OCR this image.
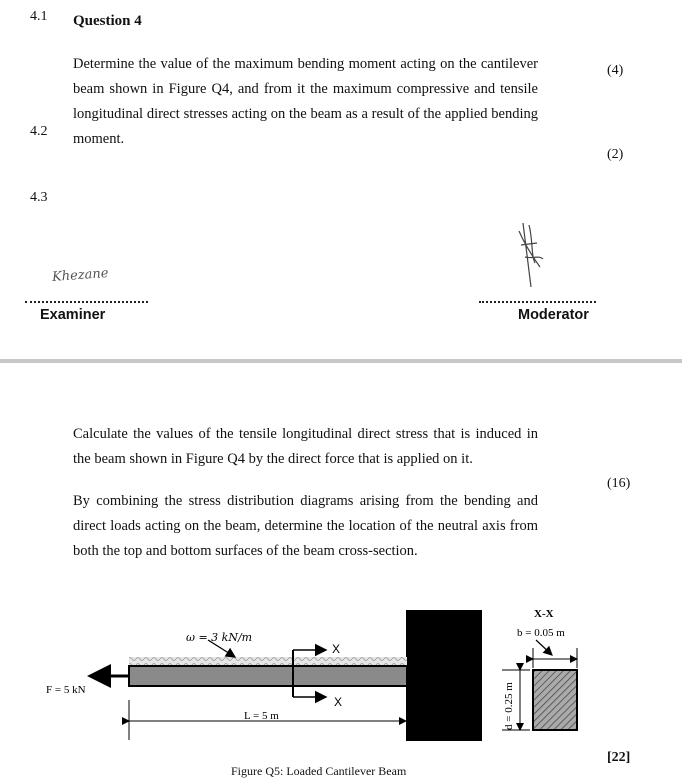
4.1 Question 4
Determine the value of the maximum bending moment acting on the cantilever beam shown in Figure Q4, and from it the maximum compressive and tensile longitudinal direct stresses acting on the beam as a result of the applied bending moment.
(4)
4.2
(2)
4.3
Khezane
Examiner	Moderator
Calculate the values of the tensile longitudinal direct stress that is induced in the beam shown in Figure Q4 by the direct force that is applied on it.
By combining the stress distribution diagrams arising from the bending and direct loads acting on the beam, determine the location of the neutral axis from both the top and bottom surfaces of the beam cross-section.
(16)
ω = 3 kN/m
F = 5 kN
X
X
L = 5 m
X-X
b = 0.05 m
d = 0.25 m
Figure Q5: Loaded Cantilever Beam
[22]
